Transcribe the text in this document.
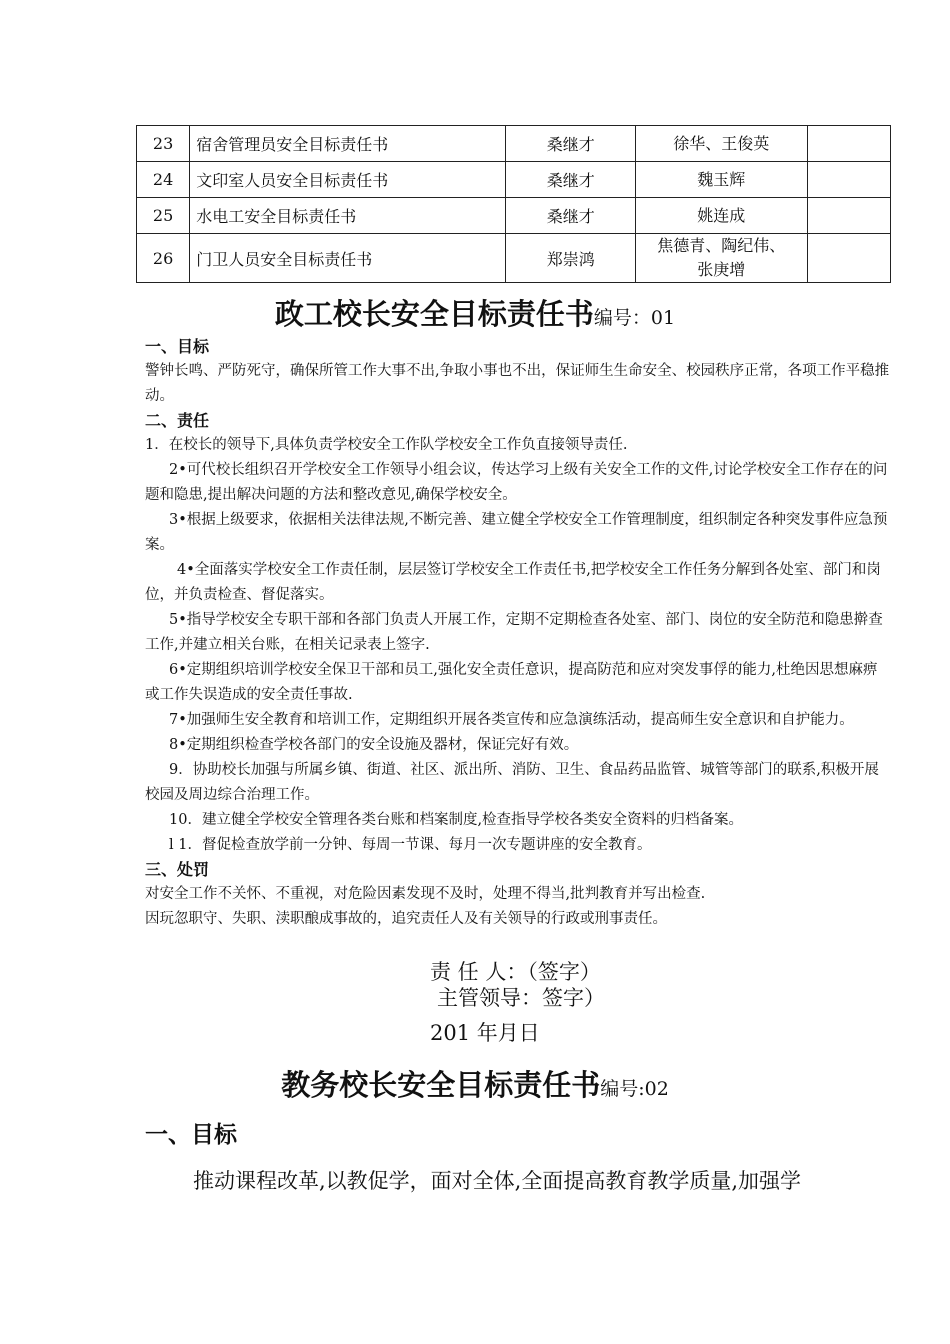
23	宿舍管理员安全目标责任书	桑继才	徐华、王俊英	
24	文印室人员安全目标责任书	桑继才	魏玉辉	
25	水电工安全目标责任书	桑继才	姚连成	
26	门卫人员安全目标责任书	郑崇鸿	焦德青、陶纪伟、
张庚增	

政工校长安全目标责任书编号：01

一、目标

警钟长鸣、严防死守，确保所管工作大事不出,争取小事也不出，保证师生生命安全、校园秩序正常，各项工作平稳推动。

二、责任

1．在校长的领导下,具体负责学校安全工作队学校安全工作负直接领导责任.

2•可代校长组织召开学校安全工作领导小组会议，传达学习上级有关安全工作的文件,讨论学校安全工作存在的问题和隐患,提出解决问题的方法和整改意见,确保学校安全。

3•根据上级要求，依据相关法律法规,不断完善、建立健全学校安全工作管理制度，组织制定各种突发事件应急预案。

4•全面落实学校安全工作责任制，层层签订学校安全工作责任书,把学校安全工作任务分解到各处室、部门和岗位，并负责检查、督促落实。

5•指导学校安全专职干部和各部门负责人开展工作，定期不定期检查各处室、部门、岗位的安全防范和隐患擀查工作,并建立相关台账，在相关记录表上签字.

6•定期组织培训学校安全保卫干部和员工,强化安全责任意识，提高防范和应对突发事俘的能力,杜绝因思想麻痹或工作失误造成的安全责任事故.

7•加强师生安全教育和培训工作，定期组织开展各类宣传和应急演练活动，提高师生安全意识和自护能力。

8•定期组织检查学校各部门的安全设施及器材，保证完好有效。

9．协助校长加强与所属乡镇、街道、社区、派出所、消防、卫生、食品药品监管、城管等部门的联系,积极开展校园及周边综合治理工作。

10．建立健全学校安全管理各类台账和档案制度,检查指导学校各类安全资料的归档备案。

l 1．督促检查放学前一分钟、每周一节课、每月一次专题讲座的安全教育。

三、处罚

对安全工作不关怀、不重视，对危险因素发现不及时，处理不得当,批判教育并写出检查.

因玩忽职守、失职、渎职酿成事故的，追究责任人及有关领导的行政或刑事责任。

责 任 人：（签字）
主管领导：签字）
201 年月日
教务校长安全目标责任书编号:02
一、目标
推动课程改革,以教促学，面对全体,全面提高教育教学质量,加强学
